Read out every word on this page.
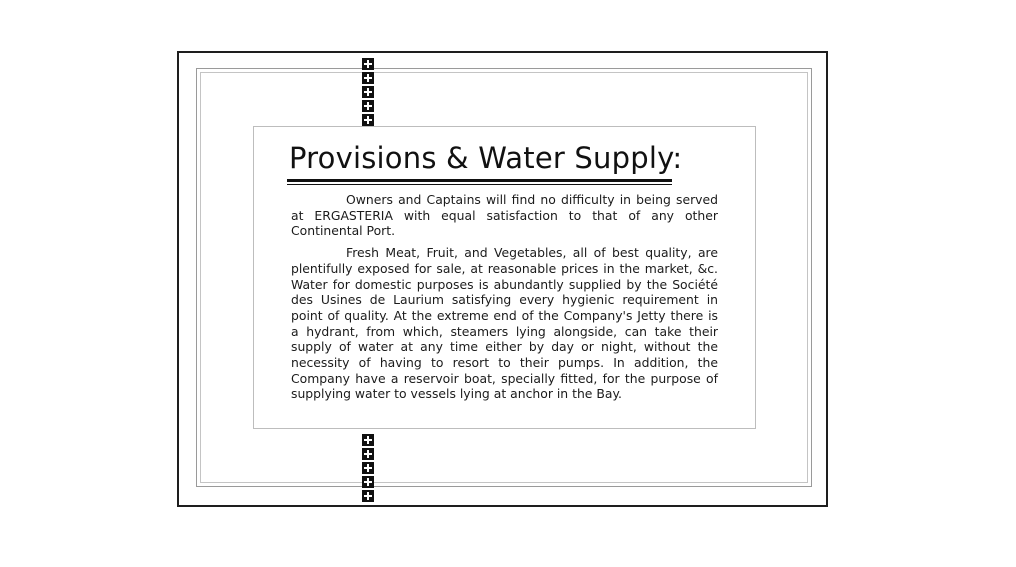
Provisions & Water Supply:

Owners and Captains will find no difficulty in being served at ERGASTERIA with equal satisfaction to that of any other Continental Port.

Fresh Meat, Fruit, and Vegetables, all of best quality, are plentifully exposed for sale, at reasonable prices in the market, &c. Water for domestic purposes is abundantly supplied by the Société des Usines de Laurium satisfying every hygienic requirement in point of quality. At the extreme end of the Company's Jetty there is a hydrant, from which, steamers lying alongside, can take their supply of water at any time either by day or night, without the necessity of having to resort to their pumps. In addition, the Company have a reservoir boat, specially fitted, for the purpose of supplying water to vessels lying at anchor in the Bay.
